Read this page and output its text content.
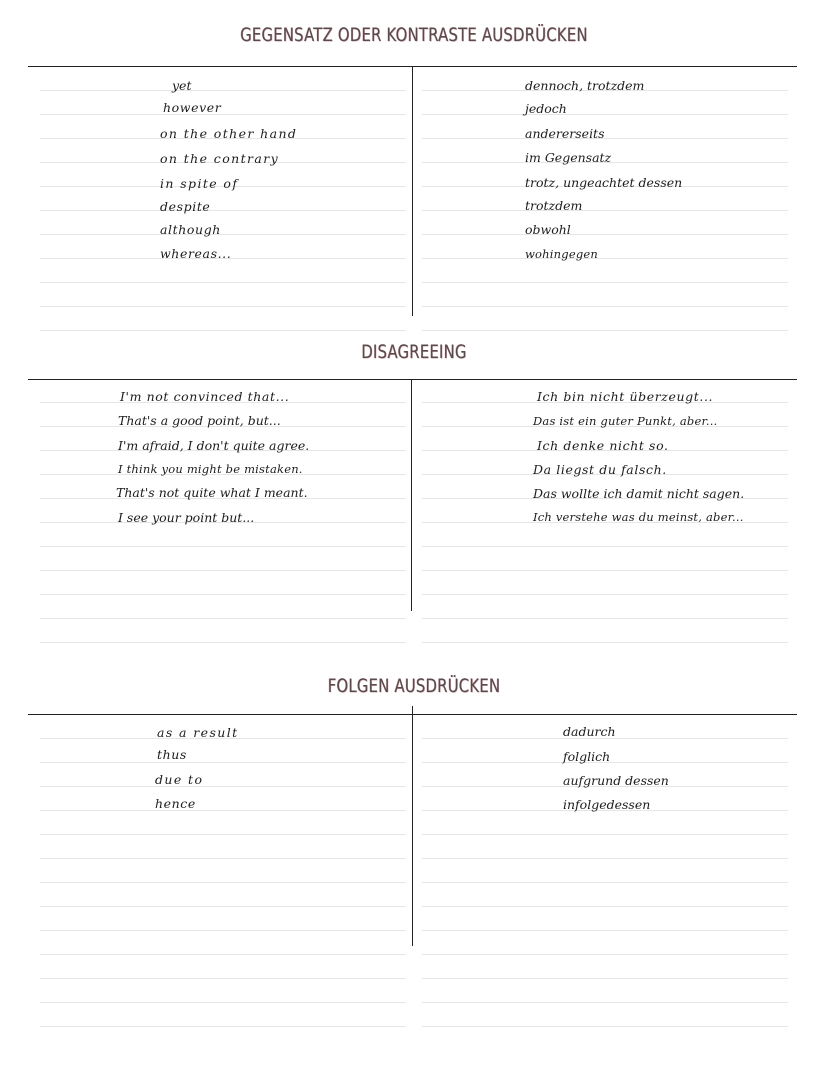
GEGENSATZ ODER KONTRASTE AUSDRÜCKEN
yet
however
on the other hand
on the contrary
in spite of
despite
although
whereas...
dennoch, trotzdem
jedoch
andererseits
im Gegensatz
trotz, ungeachtet dessen
trotzdem
obwohl
wohingegen
DISAGREEING
I'm not convinced that...
That's a good point, but...
I'm afraid, I don't quite agree.
I think you might be mistaken.
That's not quite what I meant.
I see your point but...
Ich bin nicht überzeugt...
Das ist ein guter Punkt, aber...
Ich denke nicht so.
Da liegst du falsch.
Das wollte ich damit nicht sagen.
Ich verstehe was du meinst, aber...
FOLGEN AUSDRÜCKEN
as a result
thus
due to
hence
dadurch
folglich
aufgrund dessen
infolgedessen
